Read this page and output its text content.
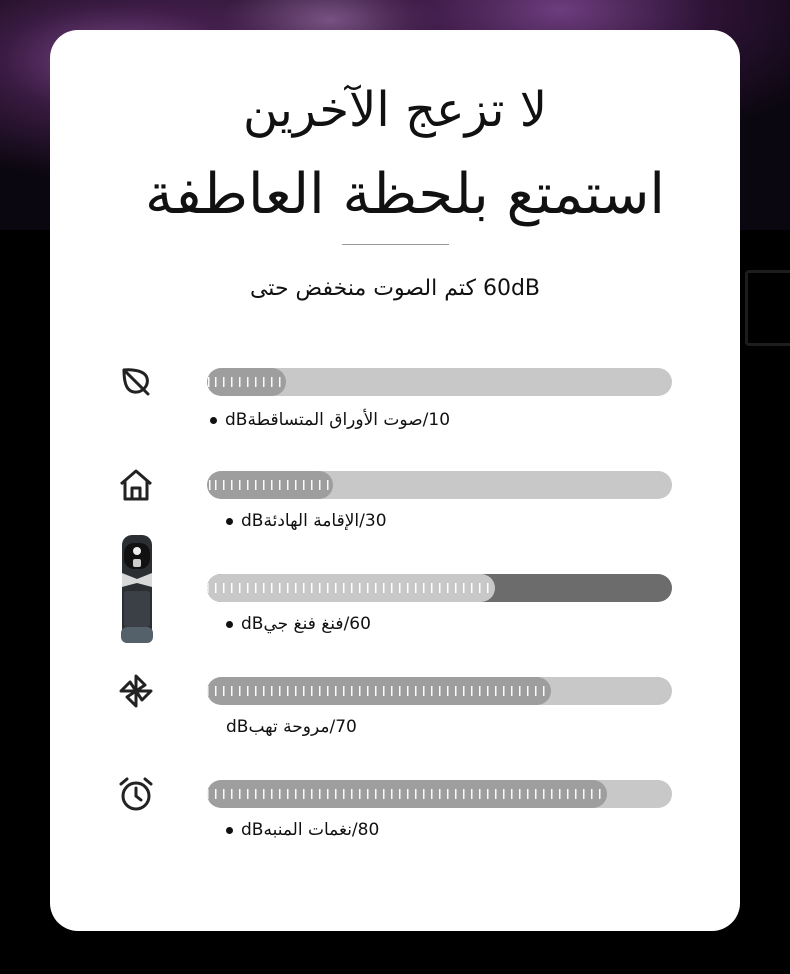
لا تزعج الآخرين
استمتع بلحظة العاطفة
60dB كتم الصوت منخفض حتى
10/صوت الأوراق المتساقطةdB
30/الإقامة الهادئةdB
60/فنغ فنغ جيdB
70/مروحة تهبdB
80/نغمات المنبهdB
